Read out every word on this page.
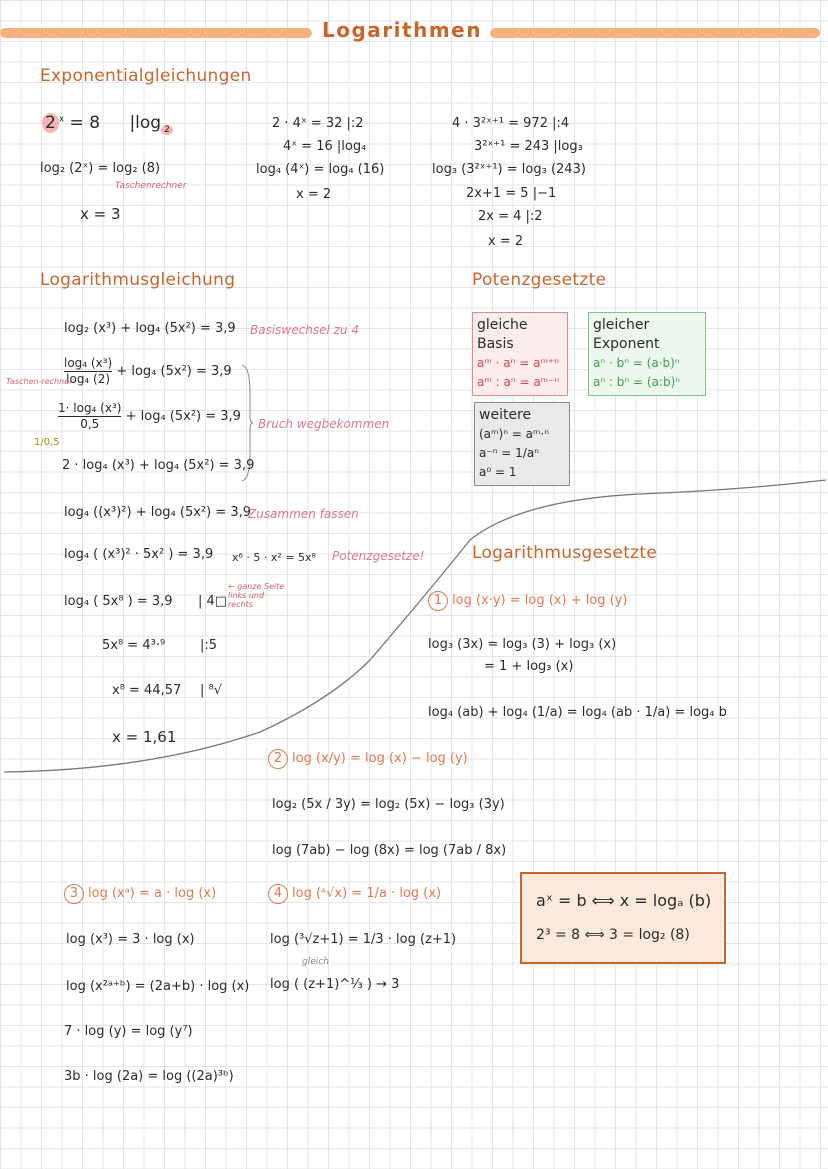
Logarithmen
Exponentialgleichungen
Logarithmusgleichung	Potenzgesetzte
Logarithmusgesetzte
2 $^x$ = 8 |log $_2$
log₂ (2ˣ) = log₂ (8)
Taschenrechner
x = 3
2 · 4ˣ = 32 |:2
4ˣ = 16 |log₄
log₄ (4ˣ) = log₄ (16)
x = 2
4 · 3²ˣ⁺¹ = 972 |:4
3²ˣ⁺¹ = 243 |log₃
log₃ (3²ˣ⁺¹) = log₃ (243)
2x+1 = 5 |−1
2x = 4 |:2
x = 2
log₂ (x³) + log₄ (5x²) = 3,9 Basiswechsel zu 4
$\frac{\text{log₄ (x³)}}{\text{log₄ (2)}} + \log_4$ (5x²) = 3,9
Taschen-rechner
$\frac{\text{1· log₄ (x³)}}{0,5} + \log_4$ (5x²) = 3,9
1/0,5
Bruch wegbekommen
2 · log₄ (x³) + log₄ (5x²) = 3,9
log₄ ((x³)²) + log₄ (5x²) = 3,9
Zusammen fassen
log₄ ( (x³)² · 5x² ) = 3,9 x⁶ · 5 · x² = 5x⁸ Potenzgesetze!
log₄ ( 5x⁸ ) = 3,9 | 4□
← ganze Seite links und rechts
5x⁸ = 4³·⁹	|:5
x⁸ = 44,57 | ⁸√
x = 1,61
gleiche Basis
aᵐ · aⁿ = aᵐ⁺ⁿ
aᵐ : aⁿ = aᵐ⁻ⁿ
gleicher Exponent
aⁿ · bⁿ = (a·b)ⁿ
aⁿ : bⁿ = (a:b)ⁿ
weitere
(aᵐ)ⁿ = aᵐ·ⁿ
a⁻ⁿ = 1/aⁿ
a⁰ = 1
1 log (x·y) = log (x) + log (y)
log₃ (3x) = log₃ (3) + log₃ (x)
= 1 + log₃ (x)
log₄ (ab) + log₄ (1/a) = log₄ (ab · 1/a) = log₄ b
2 log (x/y) = log (x) − log (y)
log₂ (5x / 3y) = log₂ (5x) − log₃ (3y)
log (7ab) − log (8x) = log (7ab / 8x)
3 log (xᵃ) = a · log (x)
log (x³) = 3 · log (x)
log (x²ᵃ⁺ᵇ) = (2a+b) · log (x)
7 · log (y) = log (y⁷)
3b · log (2a) = log ((2a)³ᵇ)
4 log (ᵃ√x) = 1/a · log (x)
log (³√z+1) = 1/3 · log (z+1)
gleich
log ( (z+1)^⅓ ) → 3
aˣ = b ⟺ x = logₐ (b)
2³ = 8 ⟺ 3 = log₂ (8)
